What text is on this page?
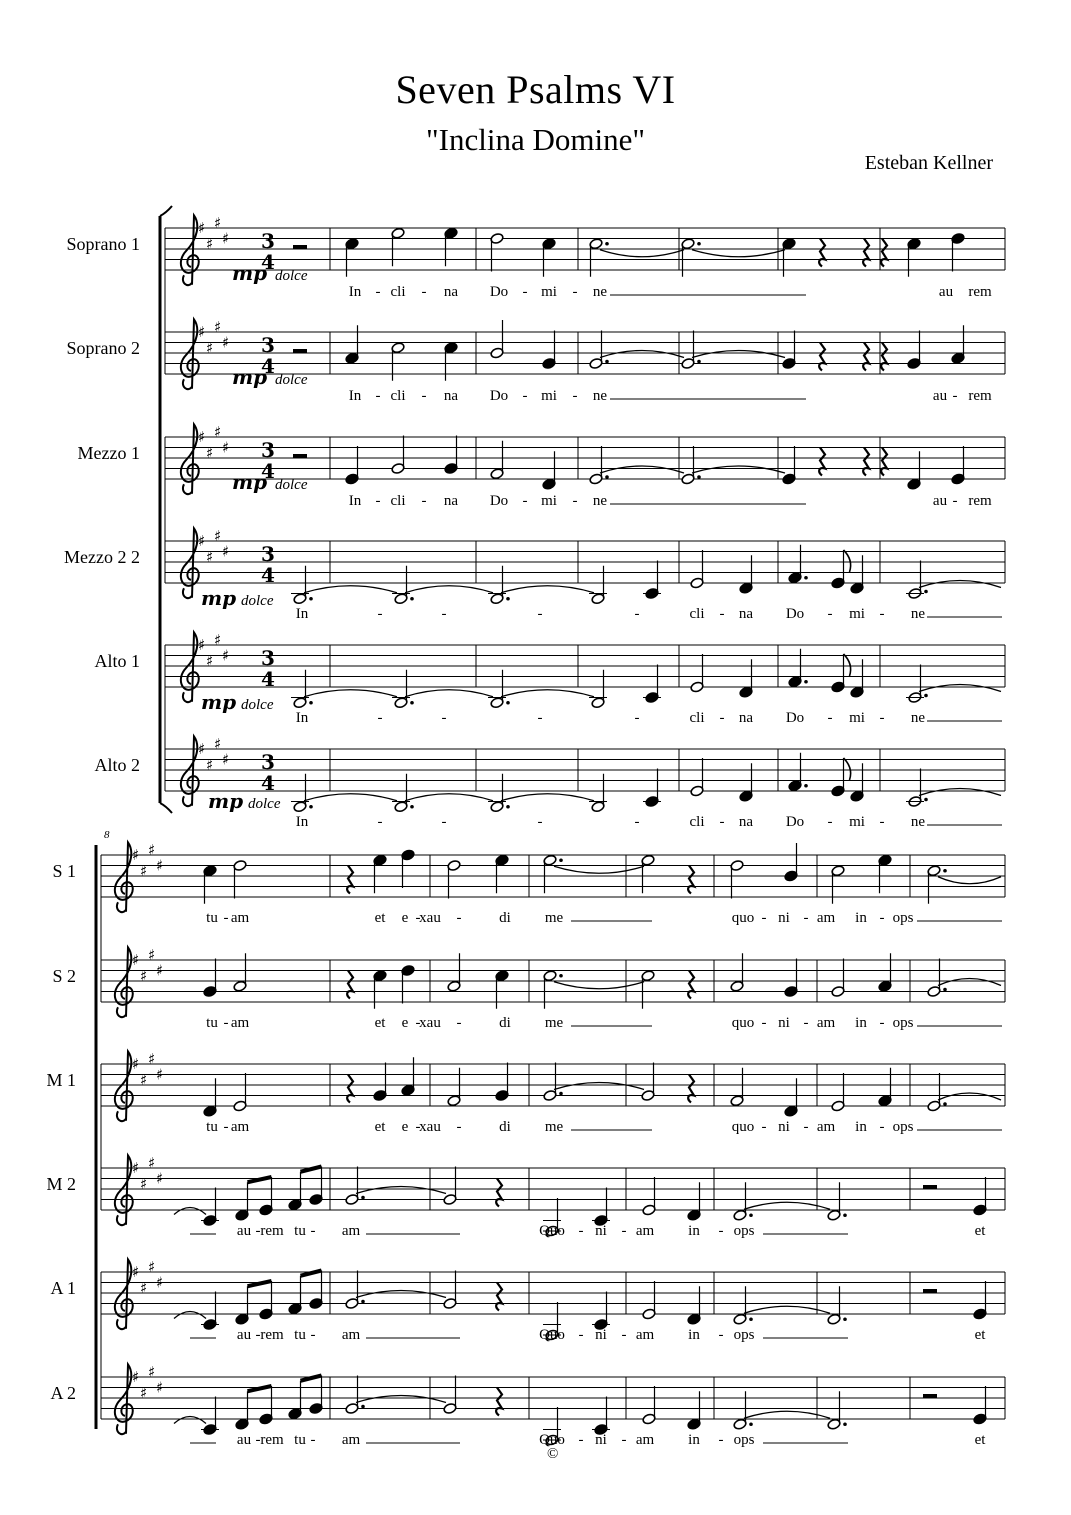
Seven Psalms VI
"Inclina Domine"
Esteban Kellner
©
♯
♯
♯
♯ 3
4
Soprano 1
♯
♯
♯
♯ 3
4
Soprano 2
♯
♯
♯
♯ 3
4
Mezzo 1
♯
♯
♯
♯ 3
4
Mezzo 2 2
♯
♯
♯
♯ 3
4
Alto 1
♯
♯
♯
♯ 3
4
Alto 2
mp dolce
mp dolce
mp dolce
mp dolce
mp dolce
mp dolce
In - cli - na Do - mi - ne	au rem
In - cli - na Do - mi - ne	au - rem
In - cli - na Do - mi - ne	au - rem
In	-	-	-	-	cli - na Do - mi - ne
In	-	-	-	-	cli - na Do - mi - ne
In	-	-	-	-	cli - na Do - mi - ne
8
♯
♯
♯
♯
S 1
♯
♯
♯
♯
S 2
♯
♯
♯
♯
M 1
♯
♯
♯
♯
M 2
♯
♯
♯
♯
A 1
♯
♯
♯
♯
A 2
tu - am	et e -
xau -	di me	quo - ni - am in - ops
tu - am	et e -
xau -	di me	quo - ni - am in - ops
tu - am	et e -
xau -	di me	quo - ni - am in - ops
au - rem tu - am	Quo - ni - am in - ops	et
au - rem tu - am	Quo - ni - am in - ops	et
au - rem tu - am	Quo - ni - am in - ops	et
